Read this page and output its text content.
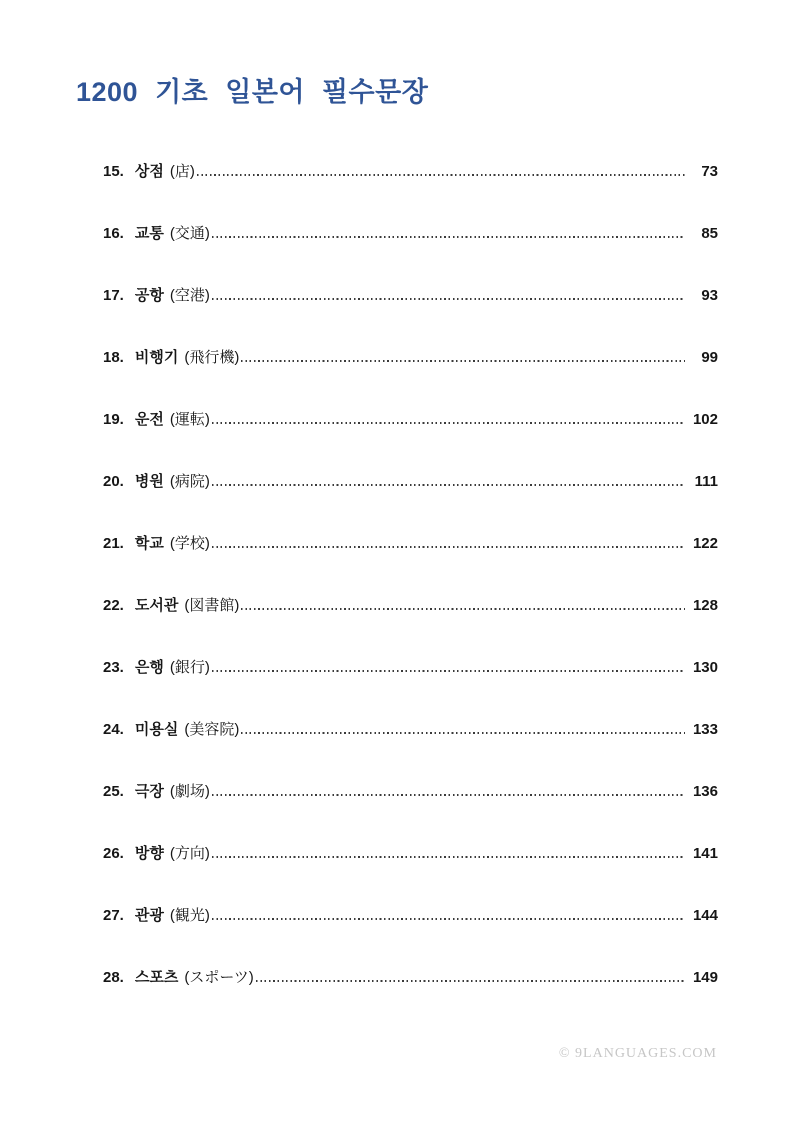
1200 기초 일본어 필수문장
15. 상점 (店)	73
16. 교통 (交通)	85
17. 공항 (空港)	93
18. 비행기 (飛行機)	99
19. 운전 (運転)	102
20. 병원 (病院)	111
21. 학교 (学校)	122
22. 도서관 (図書館)	128
23. 은행 (銀行)	130
24. 미용실 (美容院)	133
25. 극장 (劇场)	136
26. 방향 (方向)	141
27. 관광 (観光)	144
28. 스포츠 (スポーツ)	149
© 9LANGUAGES.COM
